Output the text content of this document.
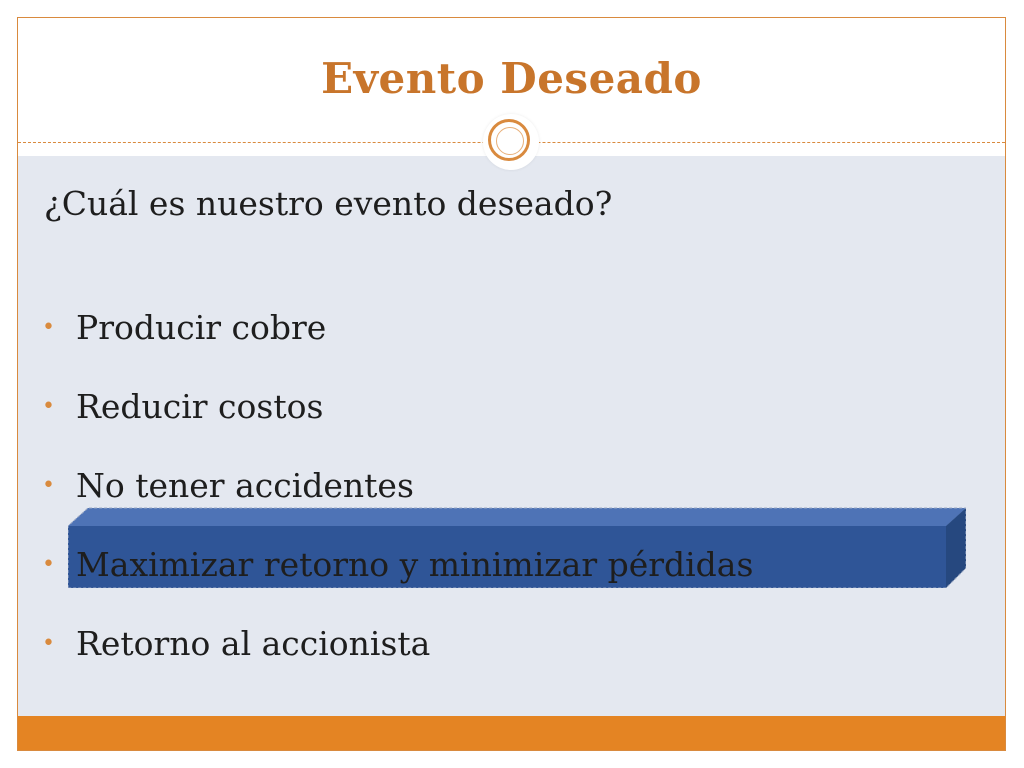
Evento Deseado
¿Cuál es nuestro evento deseado?
• Producir cobre
• Reducir costos
• No tener accidentes
• Maximizar retorno y minimizar pérdidas
• Retorno al accionista
